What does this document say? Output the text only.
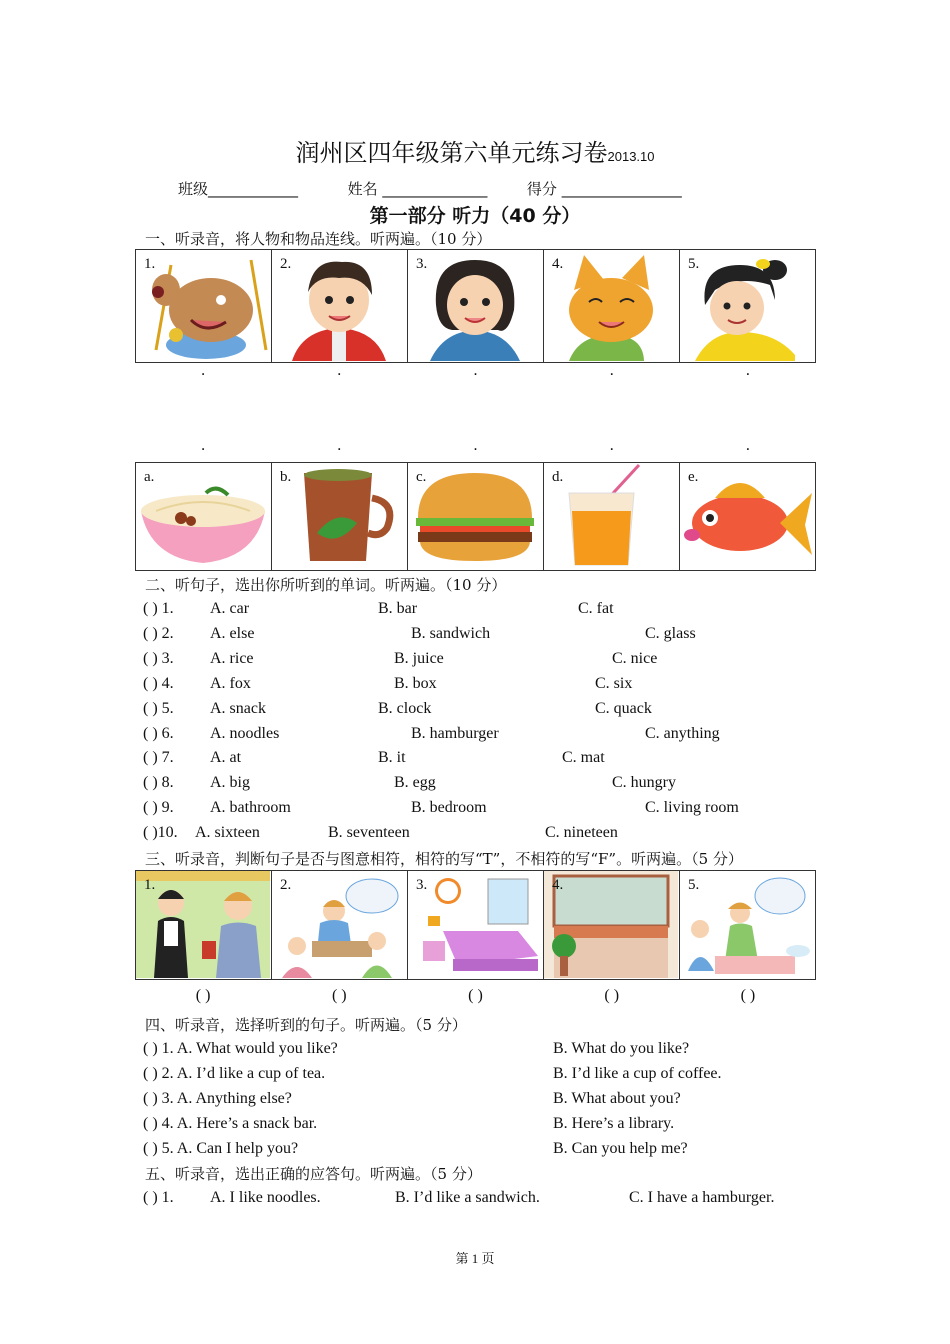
润州区四年级第六单元练习卷2013.10
班级____________	姓名 ______________	得分 ________________
第一部分 听力（40 分）
一、听录音，将人物和物品连线。听两遍。（10 分）
1.	2.	3.	4.	5.
.	.	.	.	.
.	.	.	.	.
a.	b.	c.	d.	e.
二、听句子，选出你所听到的单词。听两遍。（10 分）
( ) 1. A. car	B. bar	C. fat
( ) 2. A. else	B. sandwich	C. glass
( ) 3. A. rice	B. juice	C. nice
( ) 4. A. fox	B. box	C. six
( ) 5. A. snack	B. clock	C. quack
( ) 6. A. noodles	B. hamburger	C. anything
( ) 7. A. at	B. it	C. mat
( ) 8. A. big	B. egg	C. hungry
( ) 9. A. bathroom	B. bedroom	C. living room
( )10. A. sixteen	B. seventeen	C. nineteen
三、听录音，判断句子是否与图意相符，相符的写“T”，不相符的写“F”。听两遍。（5 分）
1.	2.	3.	4.	5.
( )	( )	( )	( )	( )
四、听录音，选择听到的句子。听两遍。（5 分）
( ) 1. A. What would you like?	B. What do you like?
( ) 2. A. I’d like a cup of tea.	B. I’d like a cup of coffee.
( ) 3. A. Anything else?	B. What about you?
( ) 4. A. Here’s a snack bar.	B. Here’s a library.
( ) 5. A. Can I help you?	B. Can you help me?
五、听录音，选出正确的应答句。听两遍。（5 分）
( ) 1. A. I like noodles.	B. I’d like a sandwich.	C. I have a hamburger.
第 1 页
